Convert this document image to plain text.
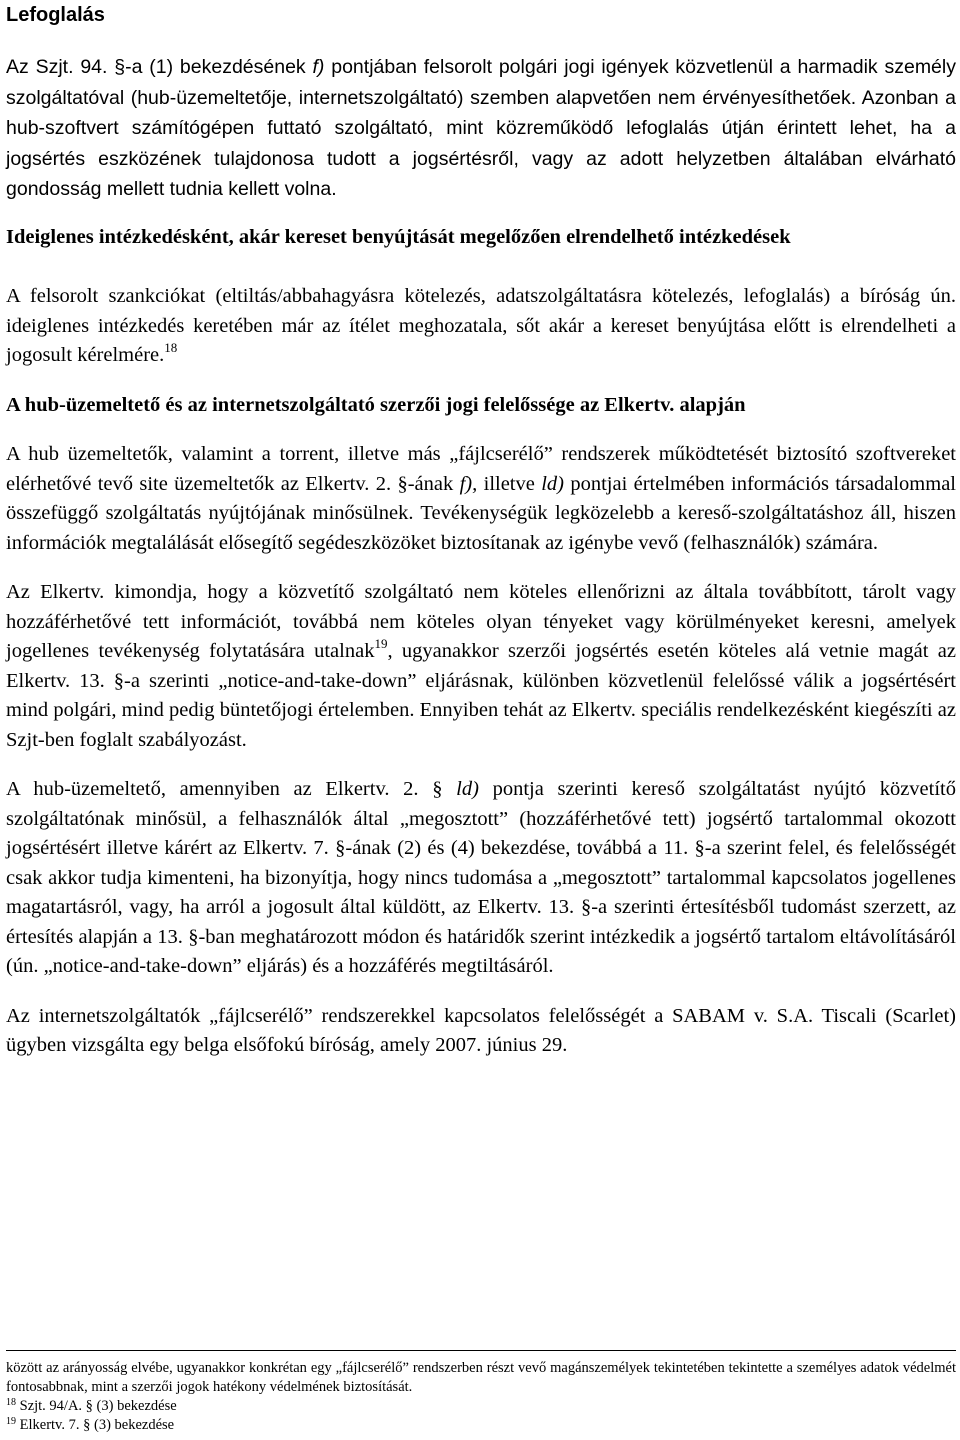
Lefoglalás

Az Szjt. 94. §-a (1) bekezdésének f) pontjában felsorolt polgári jogi igények közvetlenül a harmadik személy szolgáltatóval (hub-üzemeltetője, internetszolgáltató) szemben alapvetően nem érvényesíthetőek. Azonban a hub-szoftvert számítógépen futtató szolgáltató, mint közreműködő lefoglalás útján érintett lehet, ha a jogsértés eszközének tulajdonosa tudott a jogsértésről, vagy az adott helyzetben általában elvárható gondosság mellett tudnia kellett volna.

Ideiglenes intézkedésként, akár kereset benyújtását megelőzően elrendelhető intézkedések

A felsorolt szankciókat (eltiltás/abbahagyásra kötelezés, adatszolgáltatásra kötelezés, lefoglalás) a bíróság ún. ideiglenes intézkedés keretében már az ítélet meghozatala, sőt akár a kereset benyújtása előtt is elrendelheti a jogosult kérelmére.$^{18}$

A hub-üzemeltető és az internetszolgáltató szerzői jogi felelőssége az Elkertv. alapján

A hub üzemeltetők, valamint a torrent, illetve más „fájlcserélő” rendszerek működtetését biztosító szoftvereket elérhetővé tevő site üzemeltetők az Elkertv. 2. §-ának f), illetve ld) pontjai értelmében információs társadalommal összefüggő szolgáltatás nyújtójának minősülnek. Tevékenységük legközelebb a kereső-szolgáltatáshoz áll, hiszen információk megtalálását elősegítő segédeszközöket biztosítanak az igénybe vevő (felhasználók) számára.

Az Elkertv. kimondja, hogy a közvetítő szolgáltató nem köteles ellenőrizni az általa továbbított, tárolt vagy hozzáférhetővé tett információt, továbbá nem köteles olyan tényeket vagy körülményeket keresni, amelyek jogellenes tevékenység folytatására utalnak$^{19}$, ugyanakkor szerzői jogsértés esetén köteles alá vetnie magát az Elkertv. 13. §-a szerinti „notice-and-take-down” eljárásnak, különben közvetlenül felelőssé válik a jogsértésért mind polgári, mind pedig büntetőjogi értelemben. Ennyiben tehát az Elkertv. speciális rendelkezésként kiegészíti az Szjt-ben foglalt szabályozást.

A hub-üzemeltető, amennyiben az Elkertv. 2. § ld) pontja szerinti kereső szolgáltatást nyújtó közvetítő szolgáltatónak minősül, a felhasználók által „megosztott” (hozzáférhetővé tett) jogsértő tartalommal okozott jogsértésért illetve kárért az Elkertv. 7. §-ának (2) és (4) bekezdése, továbbá a 11. §-a szerint felel, és felelősségét csak akkor tudja kimenteni, ha bizonyítja, hogy nincs tudomása a „megosztott” tartalommal kapcsolatos jogellenes magatartásról, vagy, ha arról a jogosult által küldött, az Elkertv. 13. §-a szerinti értesítésből tudomást szerzett, az értesítés alapján a 13. §-ban meghatározott módon és határidők szerint intézkedik a jogsértő tartalom eltávolításáról (ún. „notice-and-take-down” eljárás) és a hozzáférés megtiltásáról.

Az internetszolgáltatók „fájlcserélő” rendszerekkel kapcsolatos felelősségét a SABAM v. S.A. Tiscali (Scarlet) ügyben vizsgálta egy belga elsőfokú bíróság, amely 2007. június 29.

között az arányosság elvébe, ugyanakkor konkrétan egy „fájlcserélő” rendszerben részt vevő magánszemélyek tekintetében tekintette a személyes adatok védelmét fontosabbnak, mint a szerzői jogok hatékony védelmének biztosítását.
$^{18}$ Szjt. 94/A. § (3) bekezdése
$^{19}$ Elkertv. 7. § (3) bekezdése
